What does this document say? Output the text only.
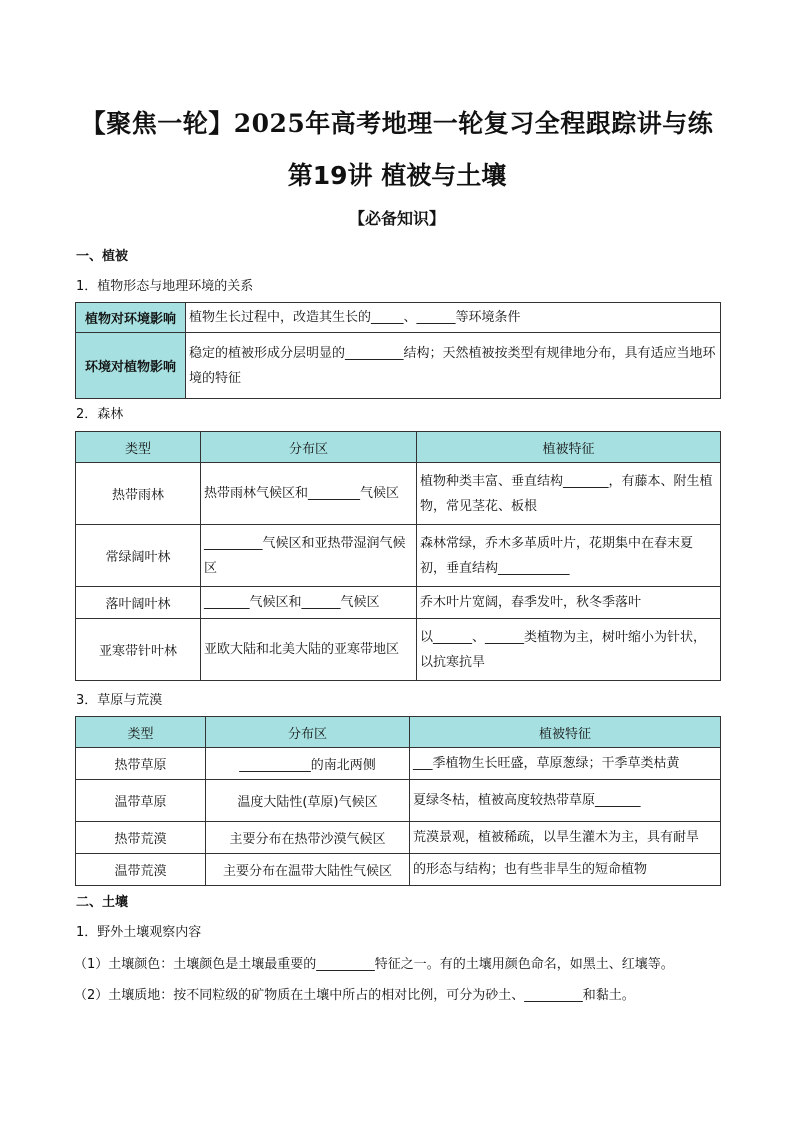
【聚焦一轮】2025年高考地理一轮复习全程跟踪讲与练
第19讲 植被与土壤
【必备知识】
一、植被
1．植物形态与地理环境的关系
植物对环境影响	植物生长过程中，改造其生长的_____、______等环境条件
环境对植物影响	稳定的植被形成分层明显的_________结构；天然植被按类型有规律地分布，具有适应当地环境的特征
2．森林
类型	分布区	植被特征
热带雨林	热带雨林气候区和________气候区	植物种类丰富、垂直结构_______，有藤本、附生植物，常见茎花、板根
常绿阔叶林	_________气候区和亚热带湿润气候区	森林常绿，乔木多革质叶片，花期集中在春末夏初，垂直结构___________
落叶阔叶林	_______气候区和______气候区	乔木叶片宽阔，春季发叶，秋冬季落叶
亚寒带针叶林	亚欧大陆和北美大陆的亚寒带地区	以______、______类植物为主，树叶缩小为针状，以抗寒抗旱
3．草原与荒漠
类型	分布区	植被特征
热带草原	___________的南北两侧	___季植物生长旺盛，草原葱绿；干季草类枯黄
温带草原	温度大陆性(草原)气候区	夏绿冬枯，植被高度较热带草原_______
热带荒漠	主要分布在热带沙漠气候区	荒漠景观，植被稀疏，以旱生灌木为主，具有耐旱
温带荒漠	主要分布在温带大陆性气候区	的形态与结构；也有些非旱生的短命植物
二、土壤
1．野外土壤观察内容
（1）土壤颜色：土壤颜色是土壤最重要的_________特征之一。有的土壤用颜色命名，如黑土、红壤等。
（2）土壤质地：按不同粒级的矿物质在土壤中所占的相对比例，可分为砂土、_________和黏土。
